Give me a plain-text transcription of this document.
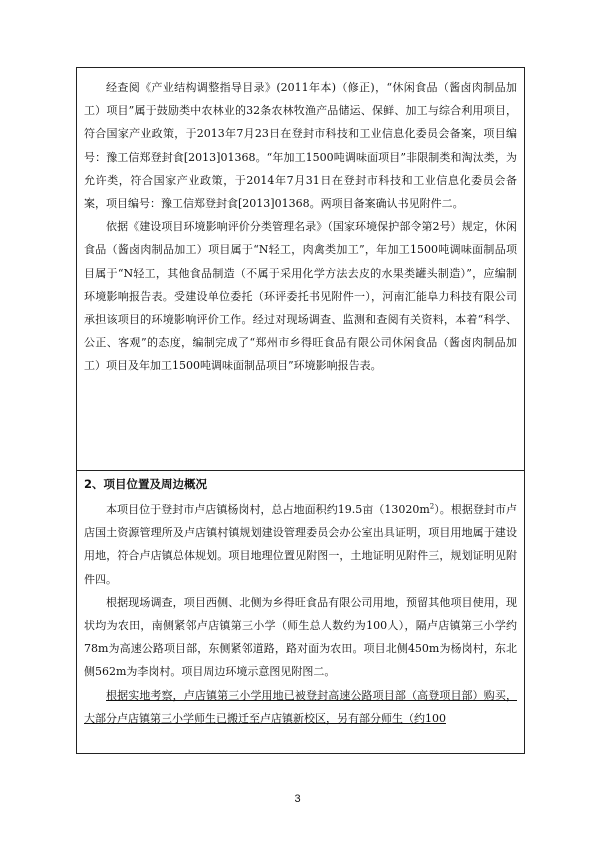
经查阅《产业结构调整指导目录》(2011年本)（修正)，“休闲食品（酱卤肉制品加工）项目”属于鼓励类中农林业的32条农林牧渔产品储运、保鲜、加工与综合利用项目，符合国家产业政策，于2013年7月23日在登封市科技和工业信息化委员会备案，项目编号：豫工信郑登封食[2013]01368。“年加工1500吨调味面项目”非限制类和淘汰类，为允许类，符合国家产业政策，于2014年7月31日在登封市科技和工业信息化委员会备案，项目编号：豫工信郑登封食[2013]01368。两项目备案确认书见附件二。

依据《建设项目环境影响评价分类管理名录》（国家环境保护部令第2号）规定，休闲食品（酱卤肉制品加工）项目属于“N轻工，肉禽类加工”，年加工1500吨调味面制品项目属于“N轻工，其他食品制造（不属于采用化学方法去皮的水果类罐头制造）”，应编制环境影响报告表。受建设单位委托（环评委托书见附件一），河南汇能阜力科技有限公司承担该项目的环境影响评价工作。经过对现场调查、监测和查阅有关资料，本着“科学、公正、客观”的态度，编制完成了“郑州市乡得旺食品有限公司休闲食品（酱卤肉制品加工）项目及年加工1500吨调味面制品项目”环境影响报告表。

2、项目位置及周边概况

本项目位于登封市卢店镇杨岗村，总占地面积约19.5亩$(13020m^2)$。根据登封市卢店国土资源管理所及卢店镇村镇规划建设管理委员会办公室出具证明，项目用地属于建设用地，符合卢店镇总体规划。项目地理位置见附图一，土地证明见附件三，规划证明见附件四。

根据现场调查，项目西侧、北侧为乡得旺食品有限公司用地，预留其他项目使用，现状均为农田，南侧紧邻卢店镇第三小学（师生总人数约为100人），隔卢店镇第三小学约78m为高速公路项目部，东侧紧邻道路，路对面为农田。项目北侧450m为杨岗村，东北侧562m为李岗村。项目周边环境示意图见附图二。

根据实地考察，卢店镇第三小学用地已被登封高速公路项目部（高登项目部）购买，大部分卢店镇第三小学师生已搬迁至卢店镇新校区，另有部分师生（约100

3
